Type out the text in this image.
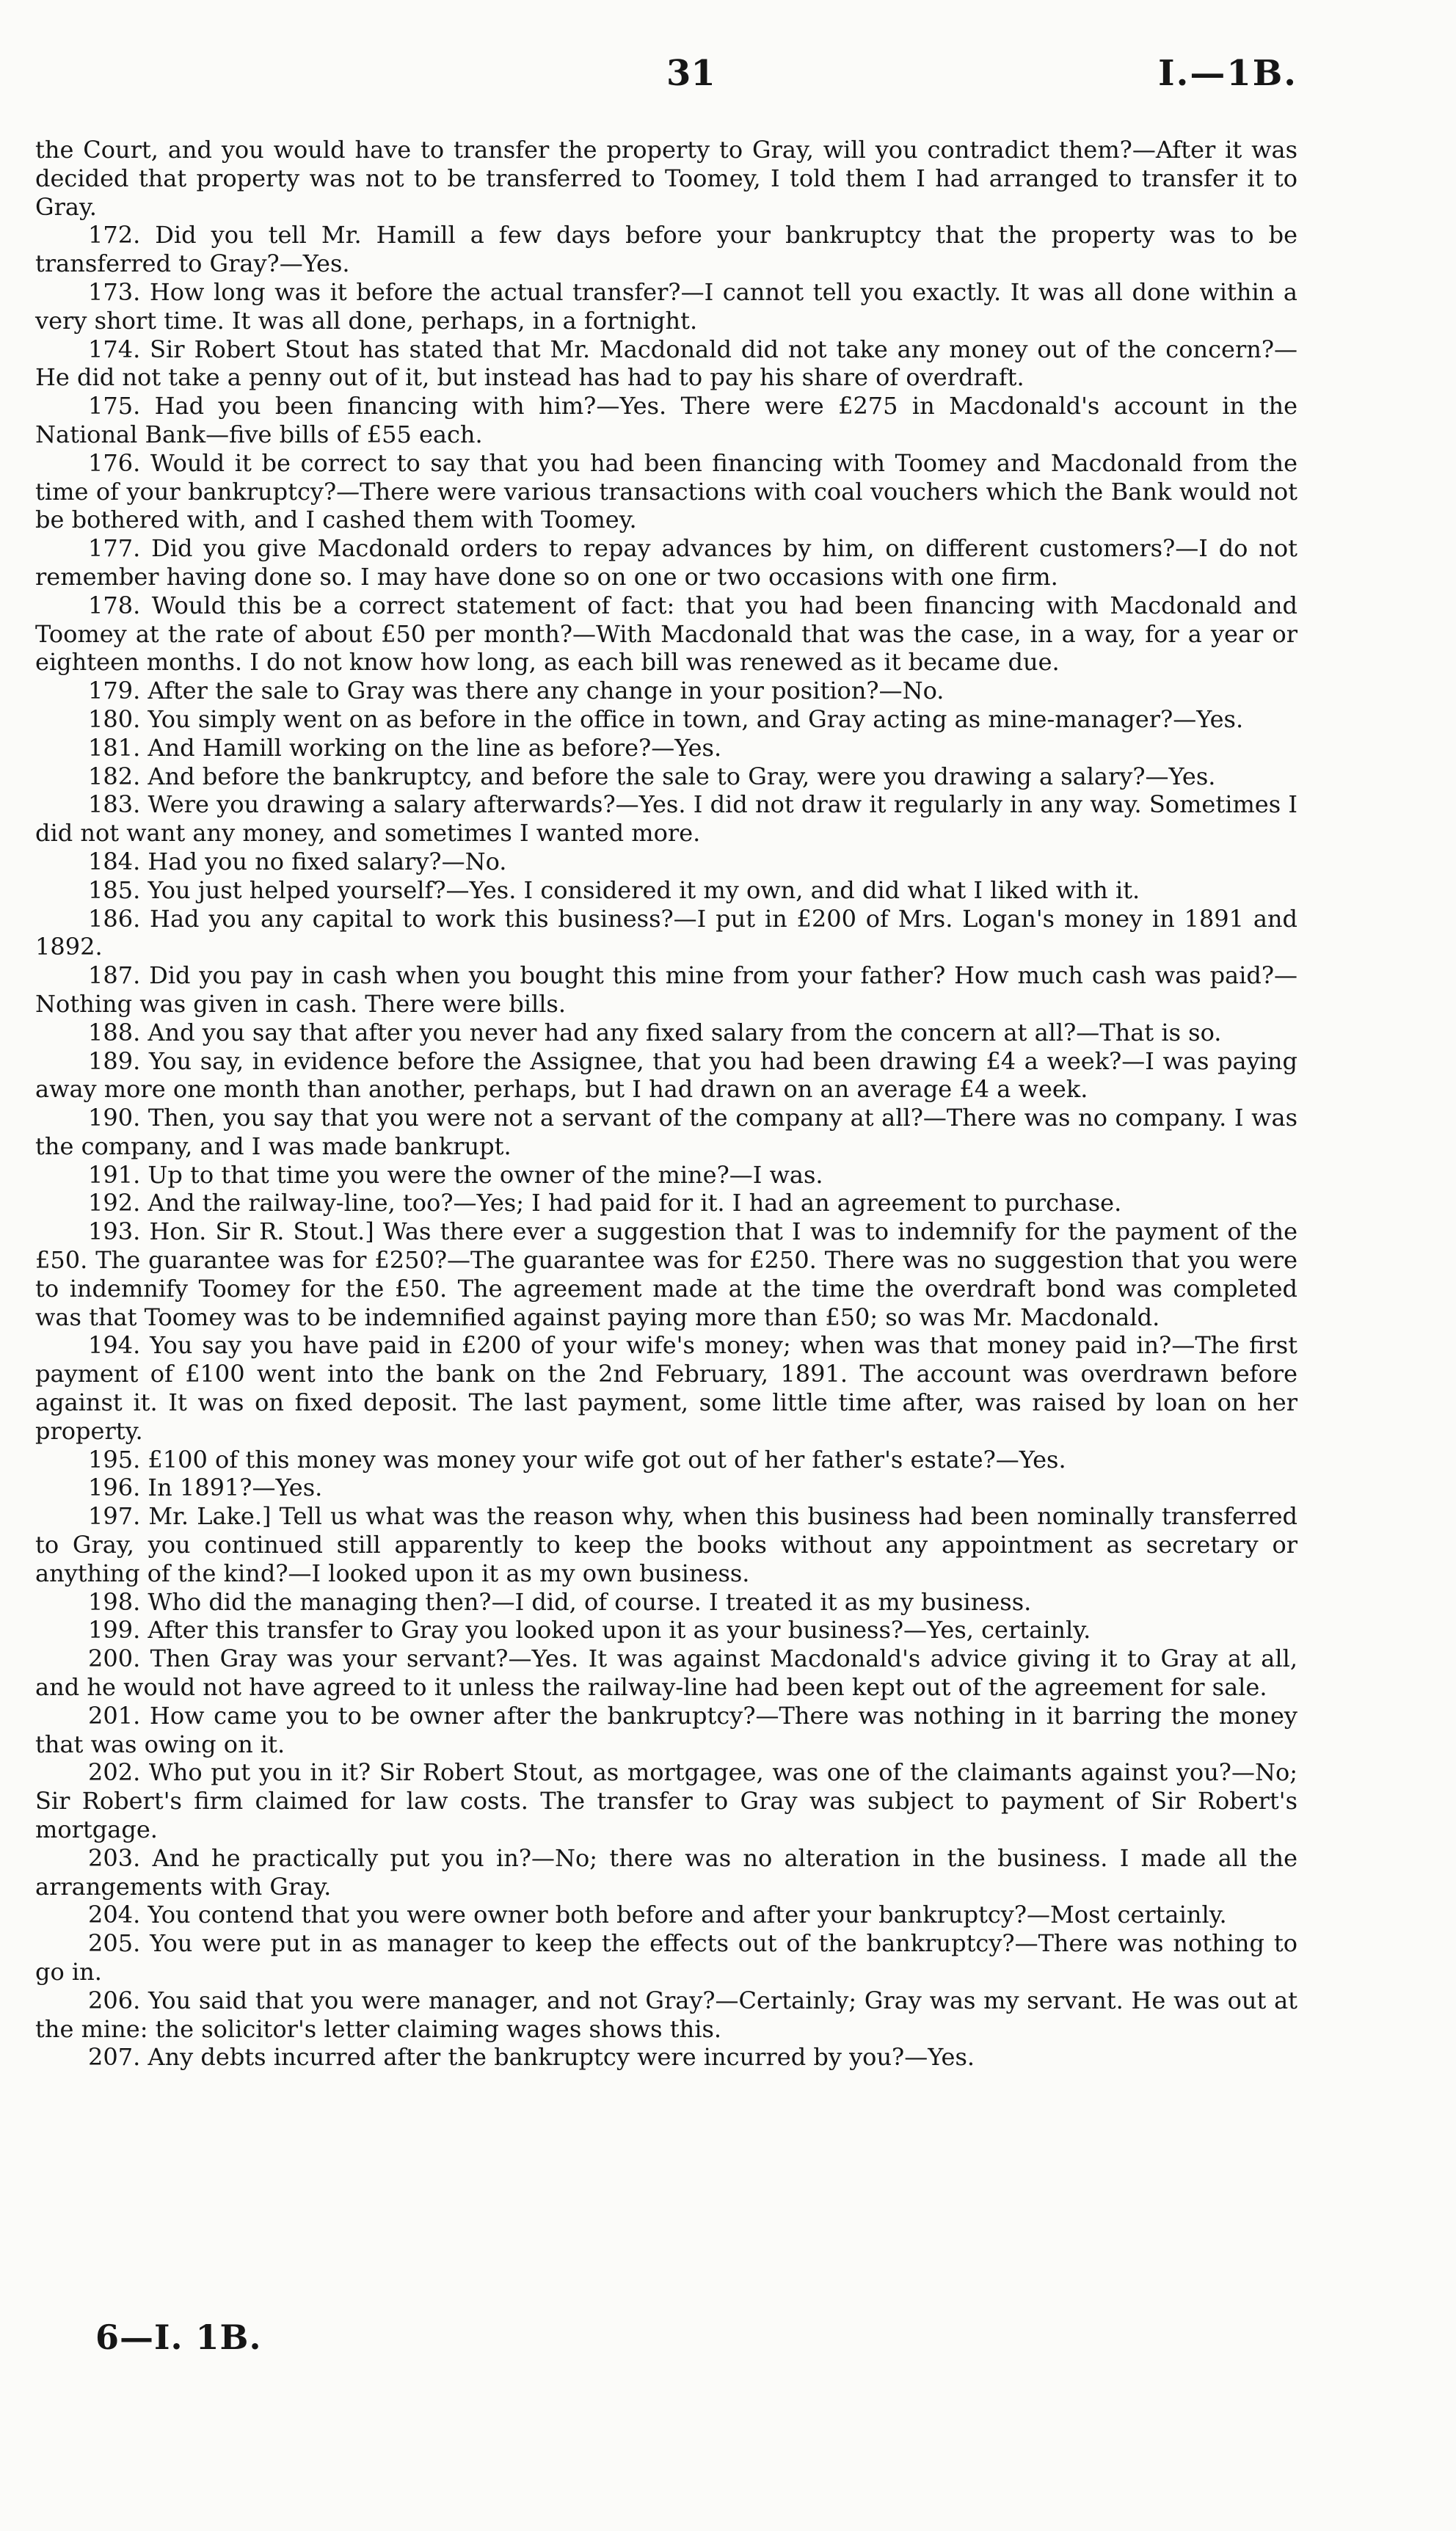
31	I.—1B.

the Court, and you would have to transfer the property to Gray, will you contradict them?—After it was decided that property was not to be transferred to Toomey, I told them I had arranged to transfer it to Gray.

172. Did you tell Mr. Hamill a few days before your bankruptcy that the property was to be transferred to Gray?—Yes.

173. How long was it before the actual transfer?—I cannot tell you exactly. It was all done within a very short time. It was all done, perhaps, in a fortnight.

174. Sir Robert Stout has stated that Mr. Macdonald did not take any money out of the concern?—He did not take a penny out of it, but instead has had to pay his share of overdraft.

175. Had you been financing with him?—Yes. There were £275 in Macdonald's account in the National Bank—five bills of £55 each.

176. Would it be correct to say that you had been financing with Toomey and Macdonald from the time of your bankruptcy?—There were various transactions with coal vouchers which the Bank would not be bothered with, and I cashed them with Toomey.

177. Did you give Macdonald orders to repay advances by him, on different customers?—I do not remember having done so. I may have done so on one or two occasions with one firm.

178. Would this be a correct statement of fact: that you had been financing with Macdonald and Toomey at the rate of about £50 per month?—With Macdonald that was the case, in a way, for a year or eighteen months. I do not know how long, as each bill was renewed as it became due.

179. After the sale to Gray was there any change in your position?—No.

180. You simply went on as before in the office in town, and Gray acting as mine-manager?—Yes.

181. And Hamill working on the line as before?—Yes.

182. And before the bankruptcy, and before the sale to Gray, were you drawing a salary?—Yes.

183. Were you drawing a salary afterwards?—Yes. I did not draw it regularly in any way. Sometimes I did not want any money, and sometimes I wanted more.

184. Had you no fixed salary?—No.

185. You just helped yourself?—Yes. I considered it my own, and did what I liked with it.

186. Had you any capital to work this business?—I put in £200 of Mrs. Logan's money in 1891 and 1892.

187. Did you pay in cash when you bought this mine from your father? How much cash was paid?—Nothing was given in cash. There were bills.

188. And you say that after you never had any fixed salary from the concern at all?—That is so.

189. You say, in evidence before the Assignee, that you had been drawing £4 a week?—I was paying away more one month than another, perhaps, but I had drawn on an average £4 a week.

190. Then, you say that you were not a servant of the company at all?—There was no company. I was the company, and I was made bankrupt.

191. Up to that time you were the owner of the mine?—I was.

192. And the railway-line, too?—Yes; I had paid for it. I had an agreement to purchase.

193. Hon. Sir R. Stout.] Was there ever a suggestion that I was to indemnify for the payment of the £50. The guarantee was for £250?—The guarantee was for £250. There was no suggestion that you were to indemnify Toomey for the £50. The agreement made at the time the overdraft bond was completed was that Toomey was to be indemnified against paying more than £50; so was Mr. Macdonald.

194. You say you have paid in £200 of your wife's money; when was that money paid in?—The first payment of £100 went into the bank on the 2nd February, 1891. The account was overdrawn before against it. It was on fixed deposit. The last payment, some little time after, was raised by loan on her property.

195. £100 of this money was money your wife got out of her father's estate?—Yes.

196. In 1891?—Yes.

197. Mr. Lake.] Tell us what was the reason why, when this business had been nominally transferred to Gray, you continued still apparently to keep the books without any appointment as secretary or anything of the kind?—I looked upon it as my own business.

198. Who did the managing then?—I did, of course. I treated it as my business.

199. After this transfer to Gray you looked upon it as your business?—Yes, certainly.

200. Then Gray was your servant?—Yes. It was against Macdonald's advice giving it to Gray at all, and he would not have agreed to it unless the railway-line had been kept out of the agreement for sale.

201. How came you to be owner after the bankruptcy?—There was nothing in it barring the money that was owing on it.

202. Who put you in it? Sir Robert Stout, as mortgagee, was one of the claimants against you?—No; Sir Robert's firm claimed for law costs. The transfer to Gray was subject to payment of Sir Robert's mortgage.

203. And he practically put you in?—No; there was no alteration in the business. I made all the arrangements with Gray.

204. You contend that you were owner both before and after your bankruptcy?—Most certainly.

205. You were put in as manager to keep the effects out of the bankruptcy?—There was nothing to go in.

206. You said that you were manager, and not Gray?—Certainly; Gray was my servant. He was out at the mine: the solicitor's letter claiming wages shows this.

207. Any debts incurred after the bankruptcy were incurred by you?—Yes.

6—I. 1B.
